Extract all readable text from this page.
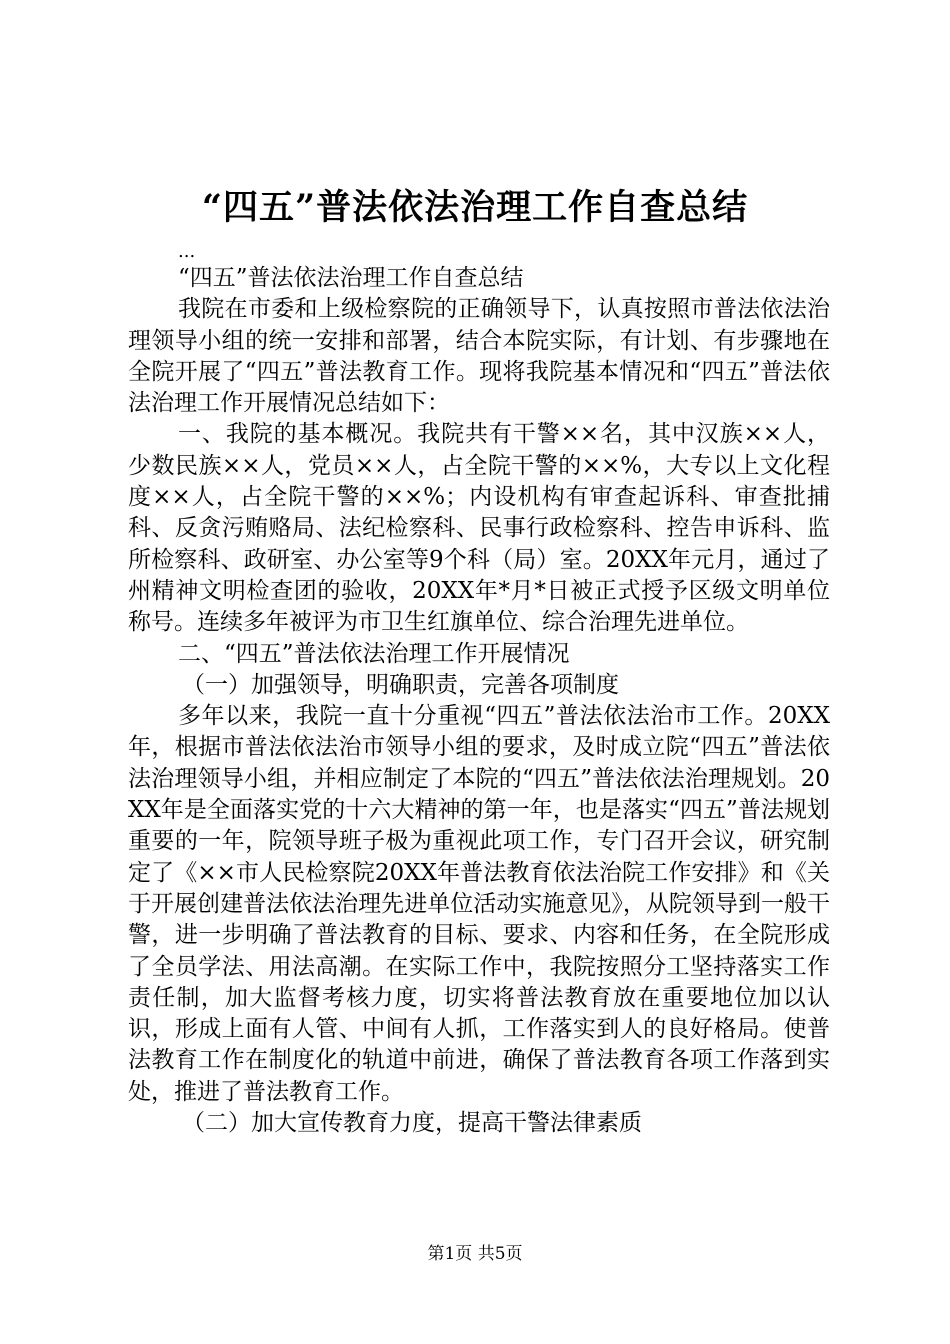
“四五”普法依法治理工作自查总结
...

“四五”普法依法治理工作自查总结

我院在市委和上级检察院的正确领导下，认真按照市普法依法治理领导小组的统一安排和部署，结合本院实际，有计划、有步骤地在全院开展了“四五”普法教育工作。现将我院基本情况和“四五”普法依法治理工作开展情况总结如下：

一、我院的基本概况。我院共有干警××名，其中汉族××人，少数民族××人，党员××人，占全院干警的××%，大专以上文化程度××人，占全院干警的××%；内设机构有审查起诉科、审查批捕科、反贪污贿赂局、法纪检察科、民事行政检察科、控告申诉科、监所检察科、政研室、办公室等9个科（局）室。20XX年元月，通过了州精神文明检查团的验收，20XX年*月*日被正式授予区级文明单位称号。连续多年被评为市卫生红旗单位、综合治理先进单位。

二、“四五”普法依法治理工作开展情况

（一）加强领导，明确职责，完善各项制度

多年以来，我院一直十分重视“四五”普法依法治市工作。20XX年，根据市普法依法治市领导小组的要求，及时成立院“四五”普法依法治理领导小组，并相应制定了本院的“四五”普法依法治理规划。20XX年是全面落实党的十六大精神的第一年，也是落实“四五”普法规划重要的一年，院领导班子极为重视此项工作，专门召开会议，研究制定了《××市人民检察院20XX年普法教育依法治院工作安排》和《关于开展创建普法依法治理先进单位活动实施意见》，从院领导到一般干警，进一步明确了普法教育的目标、要求、内容和任务，在全院形成了全员学法、用法高潮。在实际工作中，我院按照分工坚持落实工作责任制，加大监督考核力度，切实将普法教育放在重要地位加以认识，形成上面有人管、中间有人抓，工作落实到人的良好格局。使普法教育工作在制度化的轨道中前进，确保了普法教育各项工作落到实处，推进了普法教育工作。

（二）加大宣传教育力度，提高干警法律素质

第1页 共5页
